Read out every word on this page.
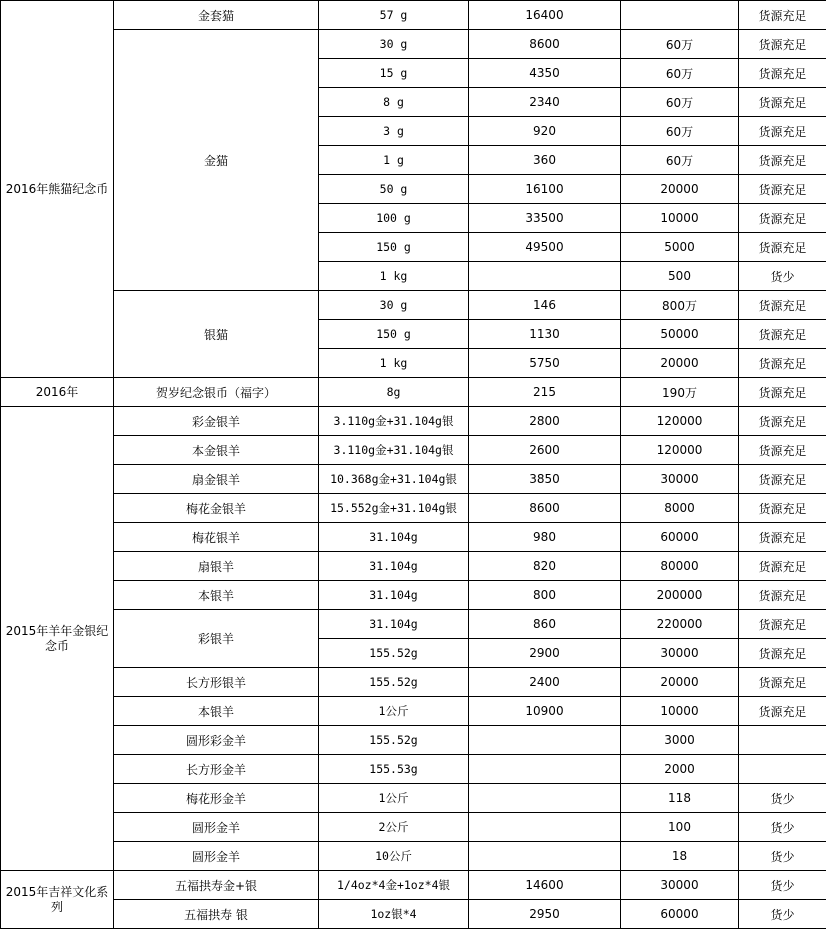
2016年熊猫纪念币	金套猫	57 g	16400		货源充足	
	金猫	30 g	8600	60万	货源充足	
		15 g	4350	60万	货源充足	
		8 g	2340	60万	货源充足	
		3 g	920	60万	货源充足	
		1 g	360	60万	货源充足	
		50 g	16100	20000	货源充足	
		100 g	33500	10000	货源充足	
		150 g	49500	5000	货源充足	
		1 kg		500	货少	
	银猫	30 g	146	800万	货源充足	
		150 g	1130	50000	货源充足	
		1 kg	5750	20000	货源充足	
2016年	贺岁纪念银币（福字）	8g	215	190万	货源充足	
2015年羊年金银纪念币	彩金银羊	3.110g金+31.104g银	2800	120000	货源充足	
	本金银羊	3.110g金+31.104g银	2600	120000	货源充足	
	扇金银羊	10.368g金+31.104g银	3850	30000	货源充足	
	梅花金银羊	15.552g金+31.104g银	8600	8000	货源充足	
	梅花银羊	31.104g	980	60000	货源充足	
	扇银羊	31.104g	820	80000	货源充足	
	本银羊	31.104g	800	200000	货源充足	
	彩银羊	31.104g	860	220000	货源充足	
		155.52g	2900	30000	货源充足	
	长方形银羊	155.52g	2400	20000	货源充足	
	本银羊	1公斤	10900	10000	货源充足	
	圆形彩金羊	155.52g		3000		
	长方形金羊	155.53g		2000		
	梅花形金羊	1公斤		118	货少	
	圆形金羊	2公斤		100	货少	
	圆形金羊	10公斤		18	货少	
2015年吉祥文化系列	五福拱寿金+银	1/4oz*4金+1oz*4银	14600	30000	货少	
	五福拱寿 银	1oz银*4	2950	60000	货少	
